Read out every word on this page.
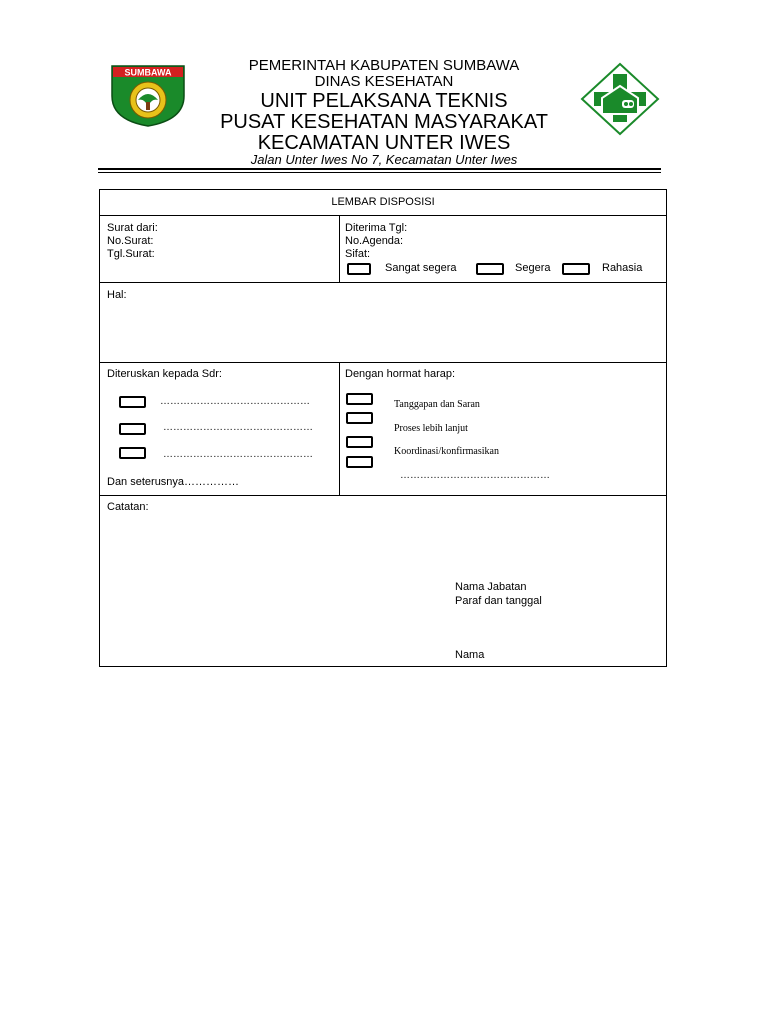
SUMBAWA	PEMERINTAH KABUPATEN SUMBAWA
DINAS KESEHATAN
UNIT PELAKSANA TEKNIS
PUSAT KESEHATAN MASYARAKAT
KECAMATAN UNTER IWES
Jalan Unter Iwes No 7, Kecamatan Unter Iwes
LEMBAR DISPOSISI
Surat dari:
No.Surat:
Tgl.Surat:
Diterima Tgl:
No.Agenda:
Sifat:
Sangat segera	Segera	Rahasia
Hal:
Diteruskan kepada Sdr:
………………………………………
………………………………………
………………………………………
Dan seterusnya……………
Dengan hormat harap:
Tanggapan dan Saran
Proses lebih lanjut
Koordinasi/konfirmasikan
………………………………………
Catatan:
Nama Jabatan
Paraf dan tanggal
Nama
